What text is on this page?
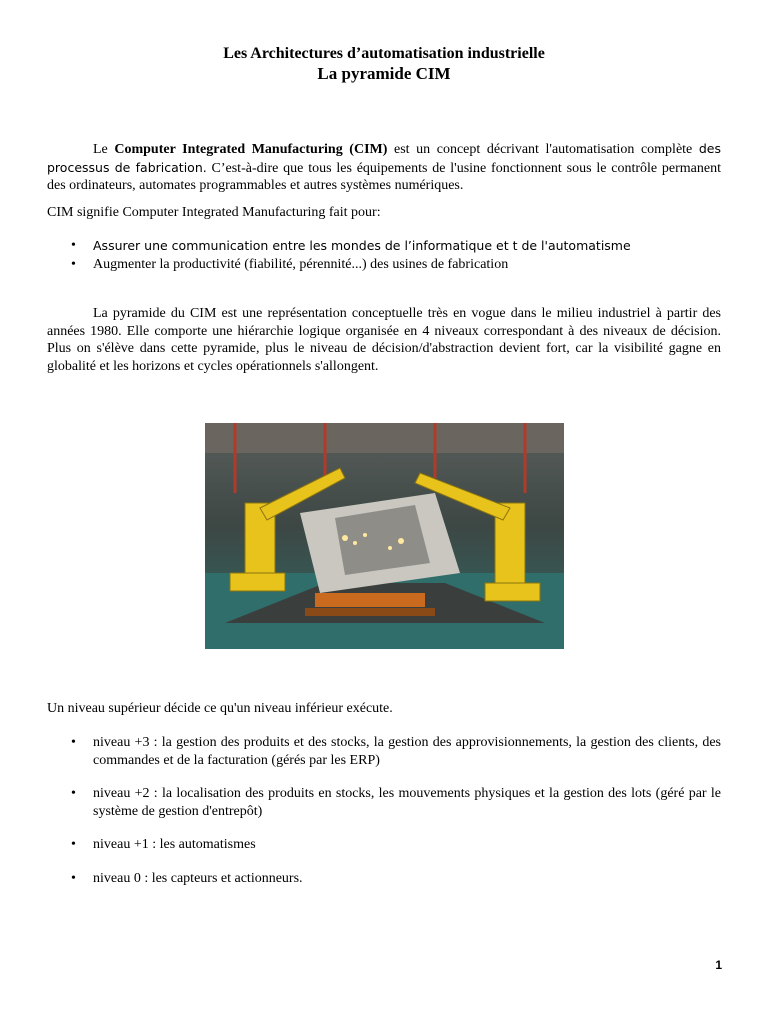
Les Architectures d’automatisation industrielle
La pyramide CIM
Le Computer Integrated Manufacturing (CIM) est un concept décrivant l'automatisation complète des processus de fabrication. C’est-à-dire que tous les équipements de l'usine fonctionnent sous le contrôle permanent des ordinateurs, automates programmables et autres systèmes numériques.
CIM signifie Computer Integrated Manufacturing fait pour:
• Assurer une communication entre les mondes de l’informatique et t de l'automatisme
• Augmenter la productivité (fiabilité, pérennité...) des usines de fabrication
La pyramide du CIM est une représentation conceptuelle très en vogue dans le milieu industriel à partir des années 1980. Elle comporte une hiérarchie logique organisée en 4 niveaux correspondant à des niveaux de décision. Plus on s'élève dans cette pyramide, plus le niveau de décision/d'abstraction devient fort, car la visibilité gagne en globalité et les horizons et cycles opérationnels s'allongent.
Un niveau supérieur décide ce qu'un niveau inférieur exécute.
• niveau +3 : la gestion des produits et des stocks, la gestion des approvisionnements, la gestion des clients, des commandes et de la facturation (gérés par les ERP)
• niveau +2 : la localisation des produits en stocks, les mouvements physiques et la gestion des lots (géré par le système de gestion d'entrepôt)
• niveau +1 : les automatismes
• niveau 0 : les capteurs et actionneurs.
1
